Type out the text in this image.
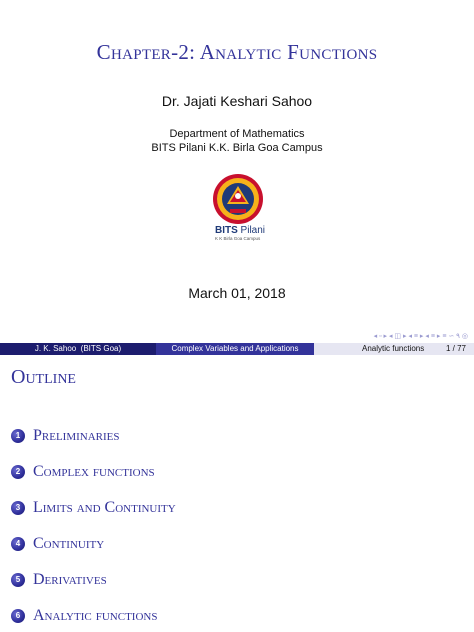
Chapter-2: Analytic Functions
Dr. Jajati Keshari Sahoo
Department of Mathematics
BITS Pilani K.K. Birla Goa Campus
BITS Pilani
K K Birla Goa Campus
March 01, 2018
◂ ▫ ▸ ◂ ◫ ▸ ◂ ≡ ▸ ◂ ≡ ▸ ≡ ∽ ۹ ◎
J. K. Sahoo (BITS Goa)	Complex Variables and Applications	Analytic functions	1 / 77
Outline
1 Preliminaries
2 Complex functions
3 Limits and Continuity
4 Continuity
5 Derivatives
6 Analytic functions
